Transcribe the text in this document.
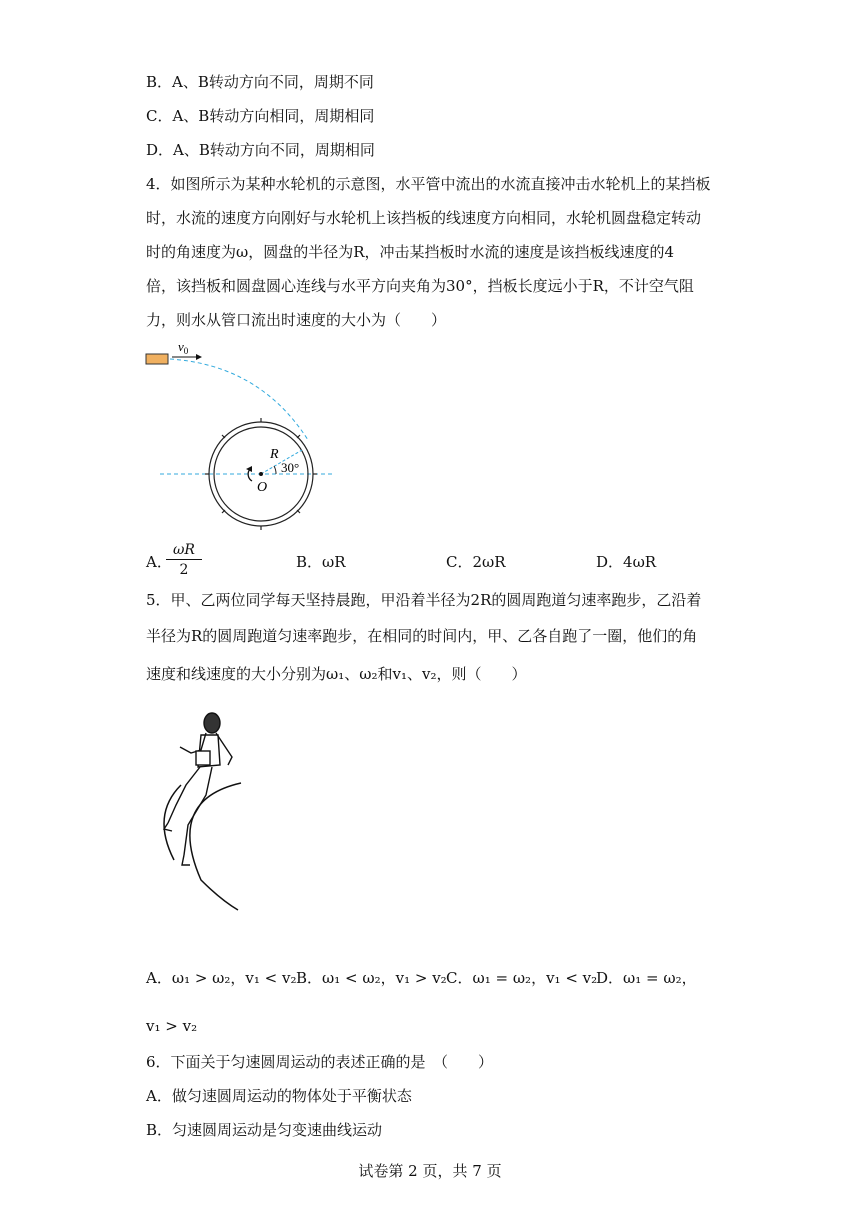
B．A、B转动方向不同，周期不同
C．A、B转动方向相同，周期相同
D．A、B转动方向不同，周期相同
4．如图所示为某种水轮机的示意图，水平管中流出的水流直接冲击水轮机上的某挡板
时，水流的速度方向刚好与水轮机上该挡板的线速度方向相同，水轮机圆盘稳定转动
时的角速度为ω，圆盘的半径为R，冲击某挡板时水流的速度是该挡板线速度的4
倍，该挡板和圆盘圆心连线与水平方向夹角为30°，挡板长度远小于R，不计空气阻
力，则水从管口流出时速度的大小为（　　）
$v_0$
R
30°
O
A．
$\frac{\omega R}{2}$	B．ωR	C．2ωR	D．4ωR
5．甲、乙两位同学每天坚持晨跑，甲沿着半径为2R的圆周跑道匀速率跑步，乙沿着
半径为R的圆周跑道匀速率跑步，在相同的时间内，甲、乙各自跑了一圈，他们的角
速度和线速度的大小分别为ω₁、ω₂和v₁、v₂，则（　　）
A．ω₁ > ω₂，v₁ < v₂ B．ω₁ < ω₂，v₁ > v₂ C．ω₁ = ω₂，v₁ < v₂
D．ω₁ = ω₂，
v₁ > v₂
6．下面关于匀速圆周运动的表述正确的是　（　　）
A．做匀速圆周运动的物体处于平衡状态
B．匀速圆周运动是匀变速曲线运动
试卷第 2 页，共 7 页
